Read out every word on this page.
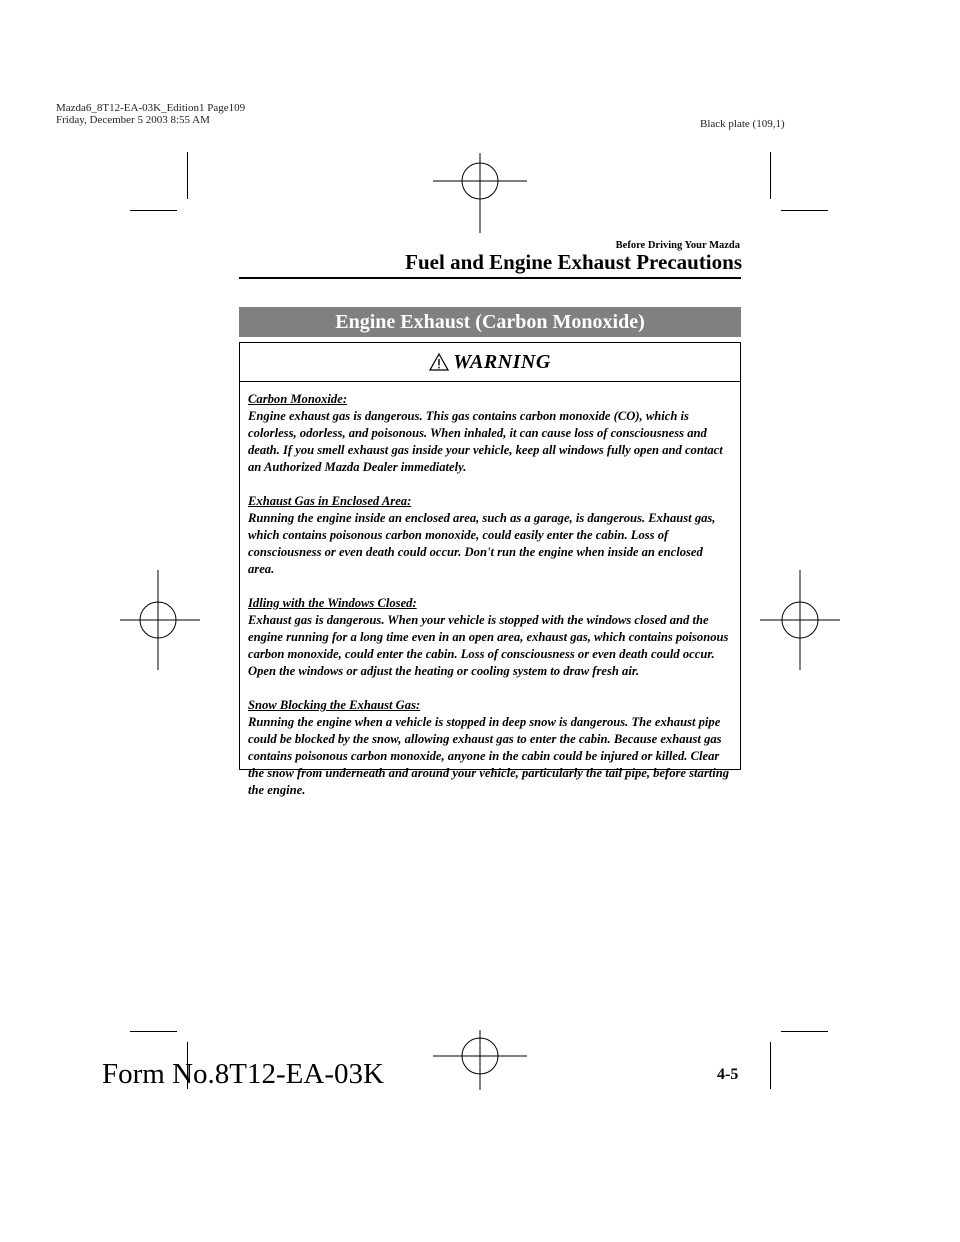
Mazda6_8T12-EA-03K_Edition1 Page109
Friday, December 5 2003 8:55 AM	Black plate (109,1)
Before Driving Your Mazda
Fuel and Engine Exhaust Precautions
Engine Exhaust (Carbon Monoxide)
WARNING
Carbon Monoxide:

Engine exhaust gas is dangerous. This gas contains carbon monoxide (CO), which is colorless, odorless, and poisonous. When inhaled, it can cause loss of consciousness and death. If you smell exhaust gas inside your vehicle, keep all windows fully open and contact an Authorized Mazda Dealer immediately.

Exhaust Gas in Enclosed Area:

Running the engine inside an enclosed area, such as a garage, is dangerous. Exhaust gas, which contains poisonous carbon monoxide, could easily enter the cabin. Loss of consciousness or even death could occur. Don't run the engine when inside an enclosed area.

Idling with the Windows Closed:

Exhaust gas is dangerous. When your vehicle is stopped with the windows closed and the engine running for a long time even in an open area, exhaust gas, which contains poisonous carbon monoxide, could enter the cabin. Loss of consciousness or even death could occur. Open the windows or adjust the heating or cooling system to draw fresh air.

Snow Blocking the Exhaust Gas:

Running the engine when a vehicle is stopped in deep snow is dangerous. The exhaust pipe could be blocked by the snow, allowing exhaust gas to enter the cabin. Because exhaust gas contains poisonous carbon monoxide, anyone in the cabin could be injured or killed. Clear the snow from underneath and around your vehicle, particularly the tail pipe, before starting the engine.

4-5
Form No.8T12-EA-03K
